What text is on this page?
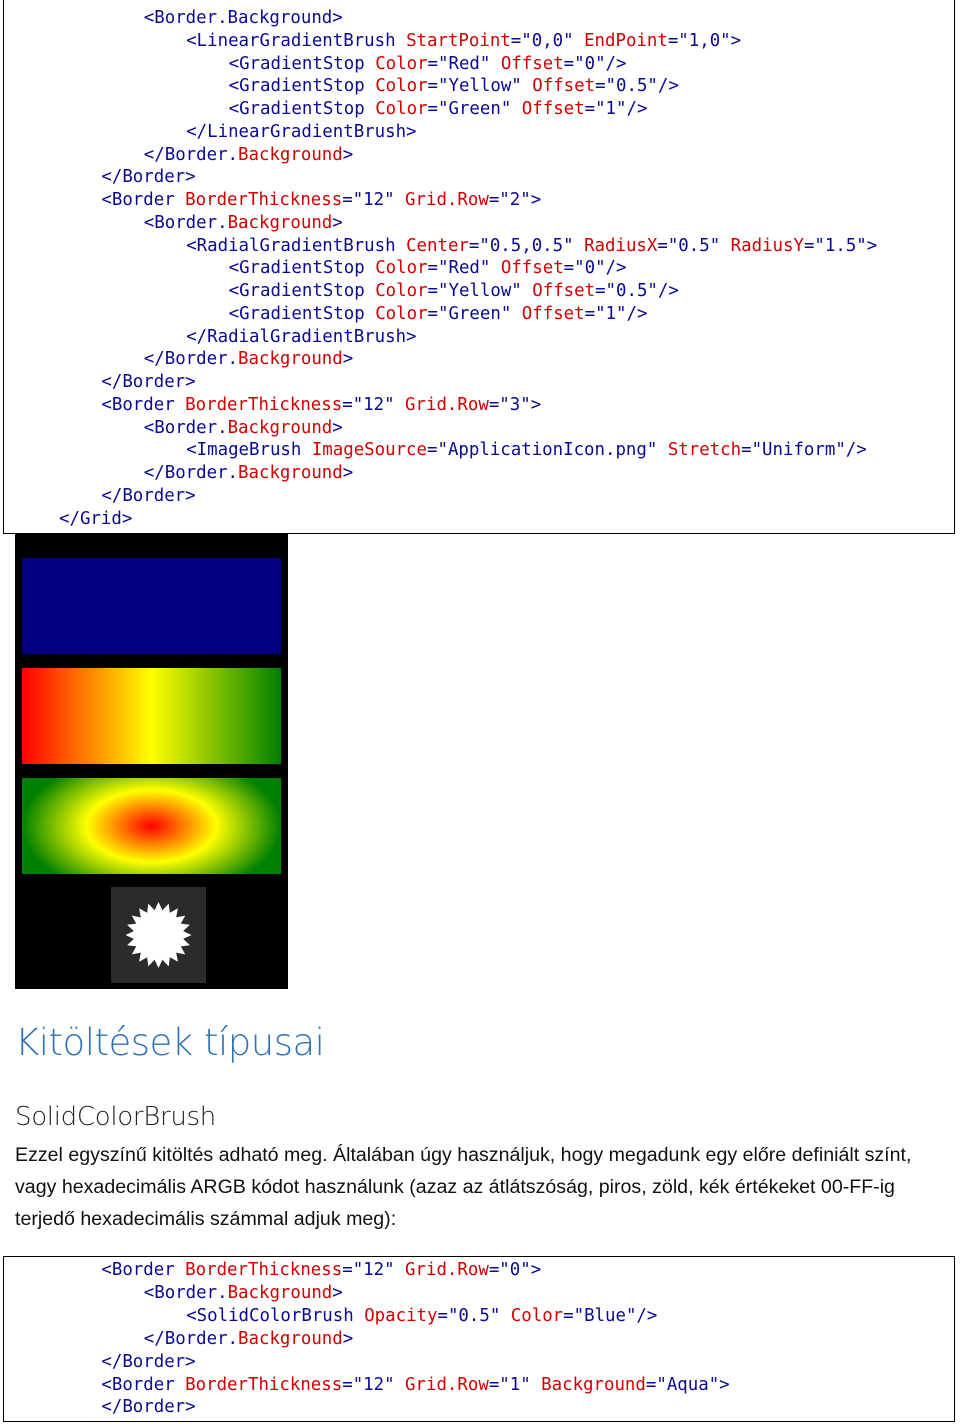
<Border.Background>
<LinearGradientBrush StartPoint="0,0" EndPoint="1,0">
<GradientStop Color="Red" Offset="0"/>
<GradientStop Color="Yellow" Offset="0.5"/>
<GradientStop Color="Green" Offset="1"/>
</LinearGradientBrush>
</Border.Background>
</Border>
<Border BorderThickness="12" Grid.Row="2">
<Border.Background>
<RadialGradientBrush Center="0.5,0.5" RadiusX="0.5" RadiusY="1.5">
<GradientStop Color="Red" Offset="0"/>
<GradientStop Color="Yellow" Offset="0.5"/>
<GradientStop Color="Green" Offset="1"/>
</RadialGradientBrush>
</Border.Background>
</Border>
<Border BorderThickness="12" Grid.Row="3">
<Border.Background>
<ImageBrush ImageSource="ApplicationIcon.png" Stretch="Uniform"/>
</Border.Background>
</Border>
</Grid>
Kitöltések típusai
SolidColorBrush

Ezzel egyszínű kitöltés adható meg. Általában úgy használjuk, hogy megadunk egy előre definiált színt, vagy hexadecimális ARGB kódot használunk (azaz az átlátszóság, piros, zöld, kék értékeket 00-FF-ig terjedő hexadecimális számmal adjuk meg):

<Border BorderThickness="12" Grid.Row="0">
<Border.Background>
<SolidColorBrush Opacity="0.5" Color="Blue"/>
</Border.Background>
</Border>
<Border BorderThickness="12" Grid.Row="1" Background="Aqua">
</Border>
